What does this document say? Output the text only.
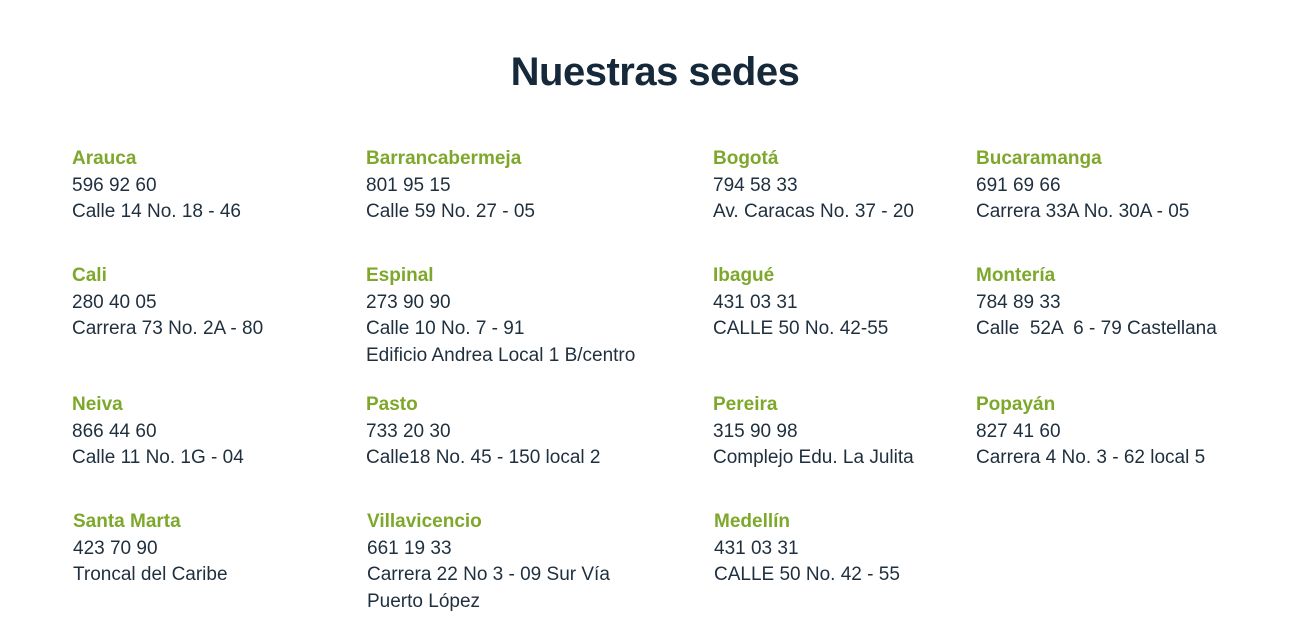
Nuestras sedes
Arauca
596 92 60
Calle 14 No. 18 - 46
Barrancabermeja
801 95 15
Calle 59 No. 27 - 05
Bogotá
794 58 33
Av. Caracas No. 37 - 20
Bucaramanga
691 69 66
Carrera 33A No. 30A - 05
Cali
280 40 05
Carrera 73 No. 2A - 80
Espinal
273 90 90
Calle 10 No. 7 - 91
Edificio Andrea Local 1 B/centro
Ibagué
431 03 31
CALLE 50 No. 42-55
Montería
784 89 33
Calle  52A  6 - 79 Castellana
Neiva
866 44 60
Calle 11 No. 1G - 04
Pasto
733 20 30
Calle18 No. 45 - 150 local 2
Pereira
315 90 98
Complejo Edu. La Julita
Popayán
827 41 60
Carrera 4 No. 3 - 62 local 5
Santa Marta
423 70 90
Troncal del Caribe
Villavicencio
661 19 33
Carrera 22 No 3 - 09 Sur Vía
Puerto López
Medellín
431 03 31
CALLE 50 No. 42 - 55
